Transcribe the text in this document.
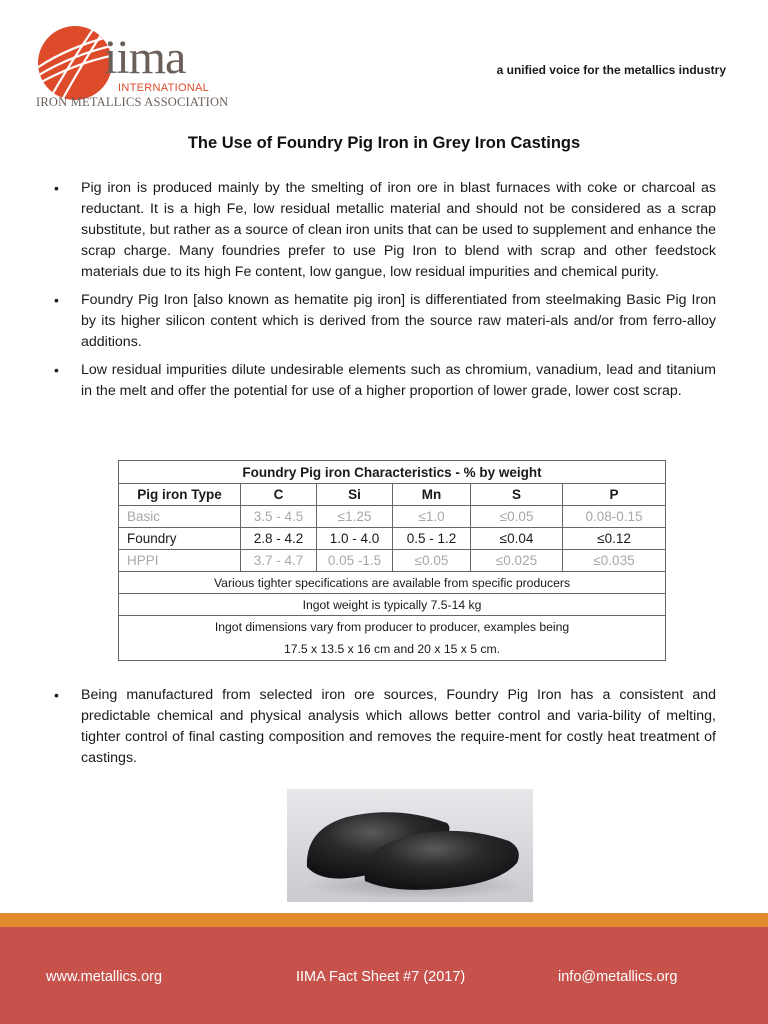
iima
INTERNATIONAL
IRON METALLICS ASSOCIATION
a unified voice for the metallics industry
The Use of Foundry Pig Iron in Grey Iron Castings

• Pig iron is produced mainly by the smelting of iron ore in blast furnaces with coke or charcoal as reductant. It is a high Fe, low residual metallic material and should not be considered as a scrap substitute, but rather as a source of clean iron units that can be used to supplement and enhance the scrap charge. Many foundries prefer to use Pig Iron to blend with scrap and other feedstock materials due to its high Fe content, low gangue, low residual impurities and chemical purity.

• Foundry Pig Iron [also known as hematite pig iron] is differentiated from steelmaking Basic Pig Iron by its higher silicon content which is derived from the source raw materi-als and/or from ferro-alloy additions.

• Low residual impurities dilute undesirable elements such as chromium, vanadium, lead and titanium in the melt and offer the potential for use of a higher proportion of lower grade, lower cost scrap.

Foundry Pig iron Characteristics - % by weight					
Pig iron Type	C	Si	Mn	S	P
Basic	3.5 - 4.5	≤1.25	≤1.0	≤0.05	0.08-0.15
Foundry	2.8 - 4.2	1.0 - 4.0	0.5 - 1.2	≤0.04	≤0.12
HPPI	3.7 - 4.7	0.05 -1.5	≤0.05	≤0.025	≤0.035
Various tighter specifications are available from specific producers					
Ingot weight is typically 7.5-14 kg					

Ingot dimensions vary from producer to producer, examples being
17.5 x 13.5 x 16 cm and 20 x 15 x 5 cm.					

• Being manufactured from selected iron ore sources, Foundry Pig Iron has a consistent and predictable chemical and physical analysis which allows better control and varia-bility of melting, tighter control of final casting composition and removes the require-ment for costly heat treatment of castings.

www.metallics.org	IIMA Fact Sheet #7 (2017)	info@metallics.org
